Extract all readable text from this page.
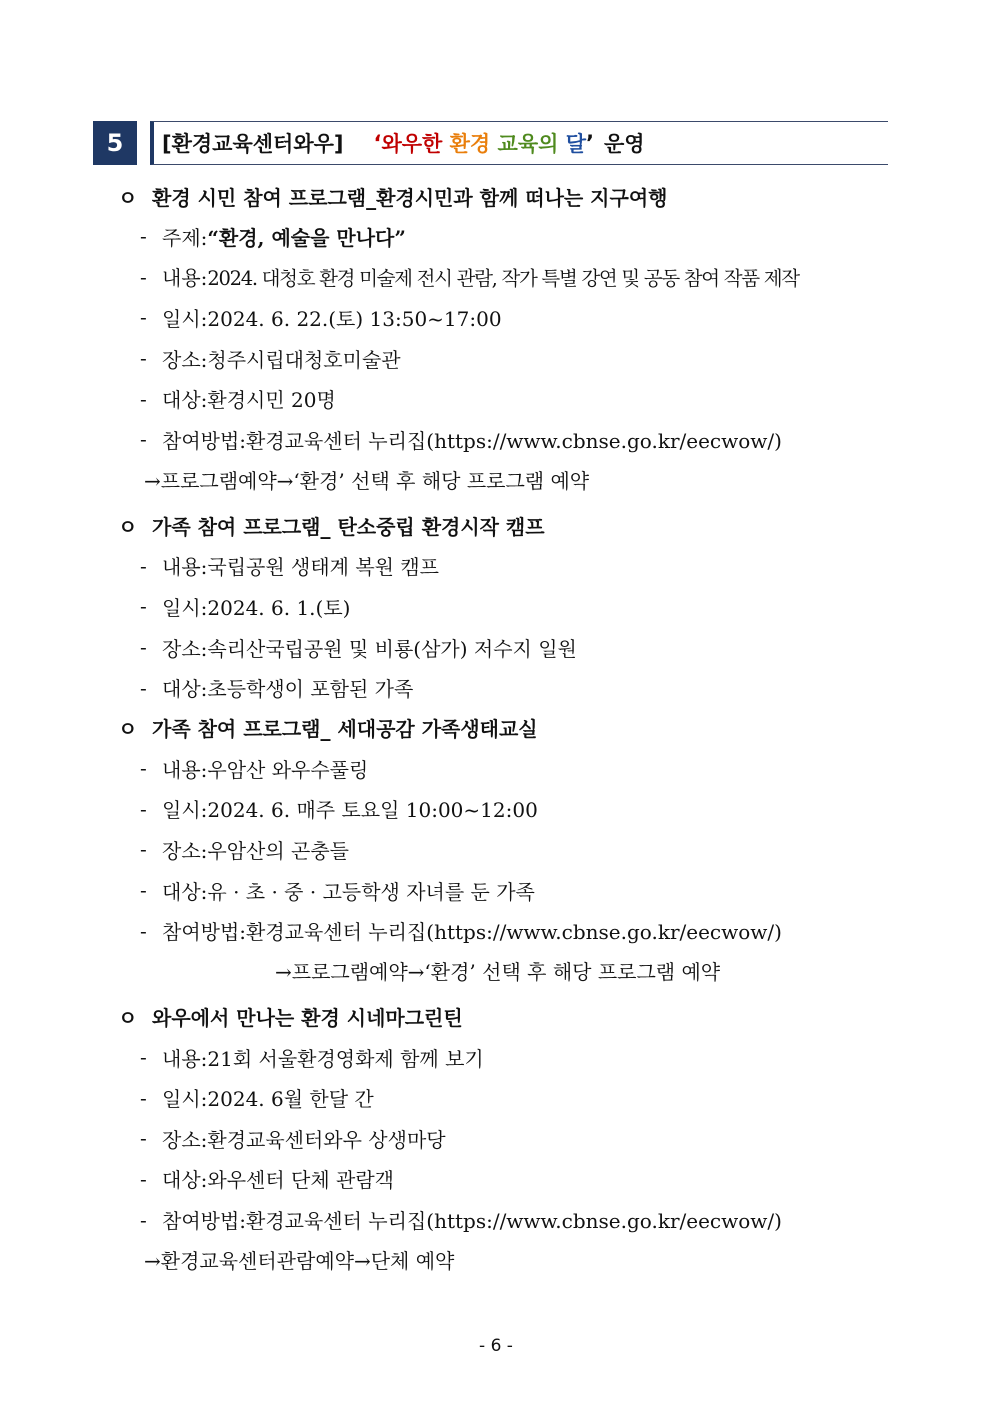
5	[환경교육센터와우] ‘ 와우한
환경
교육의
달 ’ 운영
ㅇ 환경 시민 참여 프로그램_환경시민과 함께 떠나는 지구여행
- 주제: “환경, 예술을 만나다”
- 내용: 2024. 대청호 환경 미술제 전시 관람, 작가 특별 강연 및 공동 참여 작품 제작
- 일시: 2024. 6. 22.(토) 13:50~17:00
- 장소: 청주시립대청호미술관
- 대상: 환경시민 20명
- 참여방법: 환경교육센터 누리집(https://www.cbnse.go.kr/eecwow/)
→프로그램예약→‘환경’ 선택 후 해당 프로그램 예약
ㅇ 가족 참여 프로그램_ 탄소중립 환경시작 캠프
- 내용: 국립공원 생태계 복원 캠프
- 일시: 2024. 6. 1.(토)
- 장소: 속리산국립공원 및 비룡(삼가) 저수지 일원
- 대상: 초등학생이 포함된 가족
ㅇ 가족 참여 프로그램_ 세대공감 가족생태교실
- 내용: 우암산 와우수풀링
- 일시: 2024. 6. 매주 토요일 10:00~12:00
- 장소: 우암산의 곤충들
- 대상: 유 · 초 · 중 · 고등학생 자녀를 둔 가족
- 참여방법: 환경교육센터 누리집(https://www.cbnse.go.kr/eecwow/)
→프로그램예약→‘환경’ 선택 후 해당 프로그램 예약
ㅇ 와우에서 만나는 환경 시네마그린틴
- 내용: 21회 서울환경영화제 함께 보기
- 일시: 2024. 6월 한달 간
- 장소: 환경교육센터와우 상생마당
- 대상: 와우센터 단체 관람객
- 참여방법: 환경교육센터 누리집(https://www.cbnse.go.kr/eecwow/)
→환경교육센터관람예약→단체 예약
- 6 -
